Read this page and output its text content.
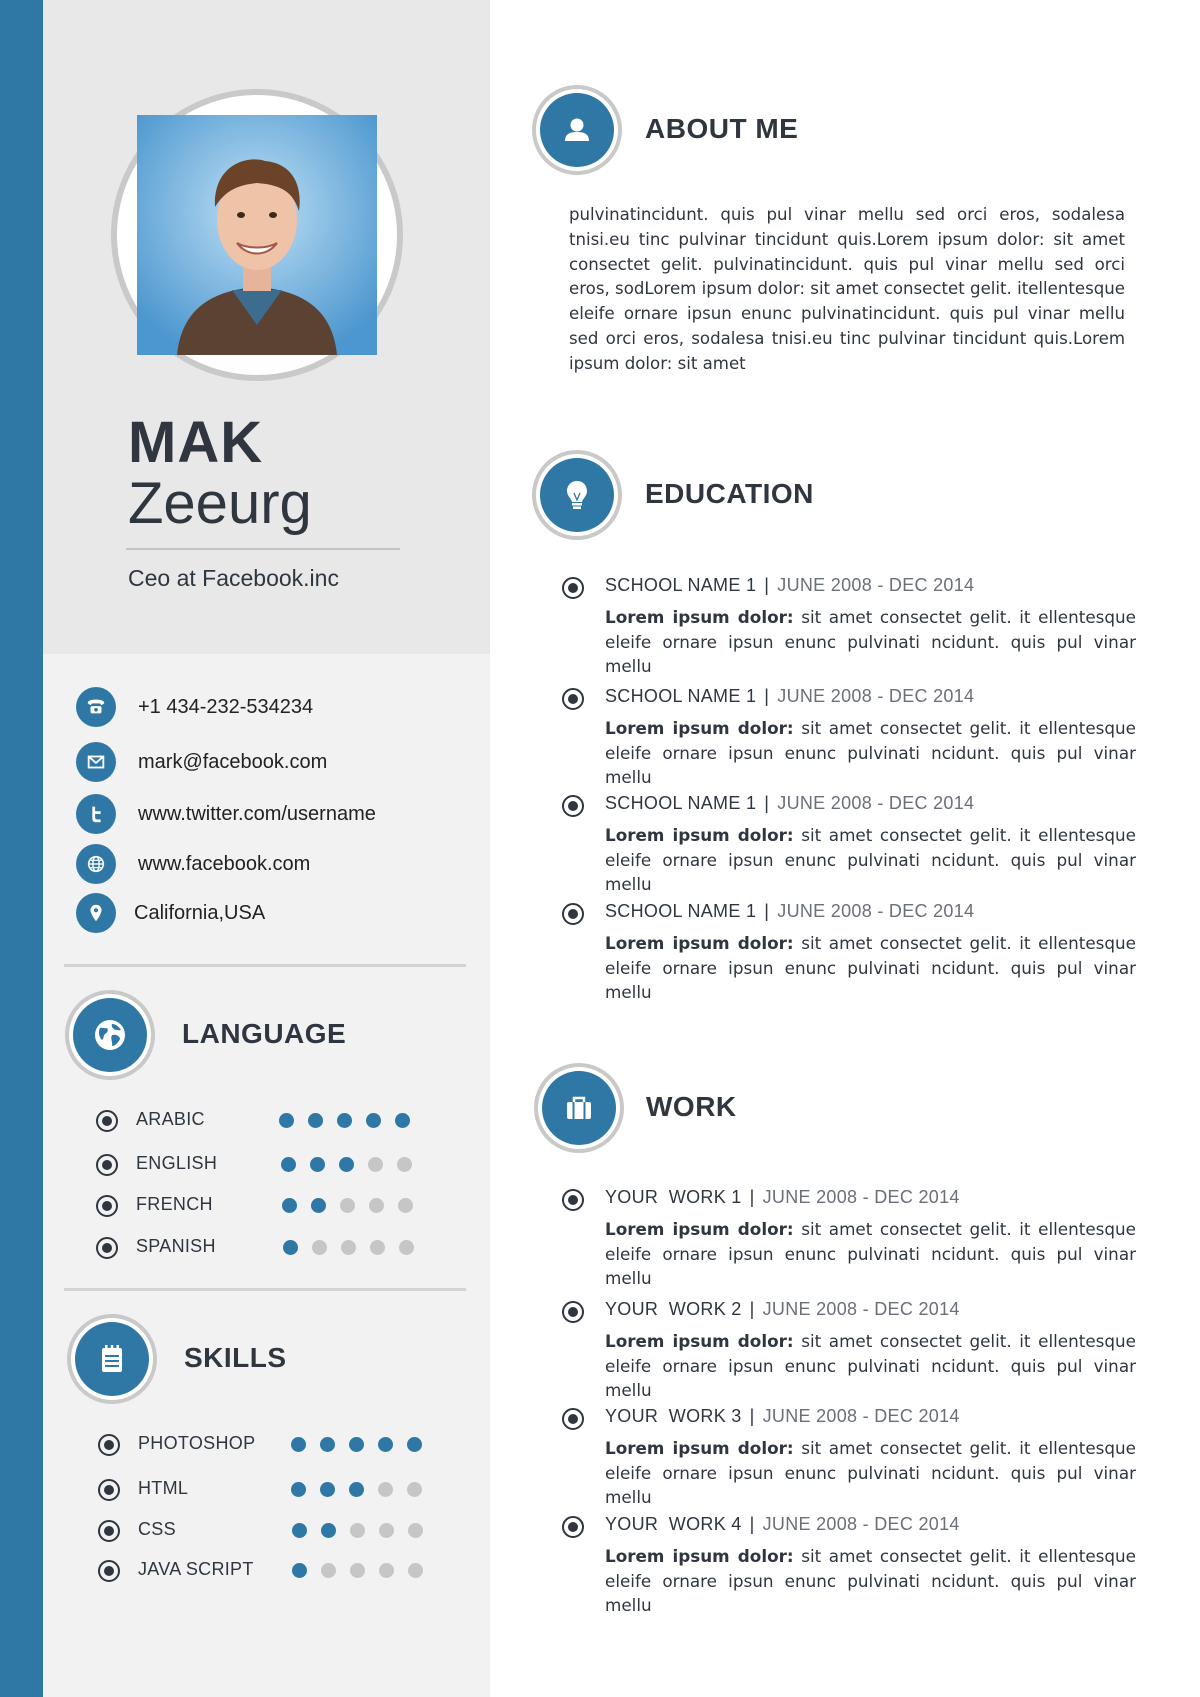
MAK
Zeeurg
Ceo at Facebook.inc
+1 434-232-534234
mark@facebook.com
www.twitter.com/username
www.facebook.com
California,USA
LANGUAGE
ARABIC
ENGLISH
FRENCH
SPANISH
SKILLS
PHOTOSHOP
HTML
CSS
JAVA SCRIPT
ABOUT ME
pulvinatincidunt. quis pul vinar mellu sed orci eros, sodalesa tnisi.eu tinc pulvinar tincidunt quis.Lorem ipsum dolor: sit amet consectet gelit. pulvinatincidunt. quis pul vinar mellu sed orci eros, sodLorem ipsum dolor: sit amet consectet gelit. itellentesque eleife ornare ipsun enunc pulvinatincidunt. quis pul vinar mellu sed orci eros, sodalesa tnisi.eu tinc pulvinar tincidunt quis.Lorem ipsum dolor: sit amet
EDUCATION
SCHOOL NAME 1 | JUNE 2008 - DEC 2014
Lorem ipsum dolor: sit amet consectet gelit. it ellentesque eleife ornare ipsun enunc pulvinati ncidunt. quis pul vinar mellu
SCHOOL NAME 1 | JUNE 2008 - DEC 2014
Lorem ipsum dolor: sit amet consectet gelit. it ellentesque eleife ornare ipsun enunc pulvinati ncidunt. quis pul vinar mellu
SCHOOL NAME 1 | JUNE 2008 - DEC 2014
Lorem ipsum dolor: sit amet consectet gelit. it ellentesque eleife ornare ipsun enunc pulvinati ncidunt. quis pul vinar mellu
SCHOOL NAME 1 | JUNE 2008 - DEC 2014
Lorem ipsum dolor: sit amet consectet gelit. it ellentesque eleife ornare ipsun enunc pulvinati ncidunt. quis pul vinar mellu
WORK
YOUR  WORK 1 | JUNE 2008 - DEC 2014
Lorem ipsum dolor: sit amet consectet gelit. it ellentesque eleife ornare ipsun enunc pulvinati ncidunt. quis pul vinar mellu
YOUR  WORK 2 | JUNE 2008 - DEC 2014
Lorem ipsum dolor: sit amet consectet gelit. it ellentesque eleife ornare ipsun enunc pulvinati ncidunt. quis pul vinar mellu
YOUR  WORK 3 | JUNE 2008 - DEC 2014
Lorem ipsum dolor: sit amet consectet gelit. it ellentesque eleife ornare ipsun enunc pulvinati ncidunt. quis pul vinar mellu
YOUR  WORK 4 | JUNE 2008 - DEC 2014
Lorem ipsum dolor: sit amet consectet gelit. it ellentesque eleife ornare ipsun enunc pulvinati ncidunt. quis pul vinar mellu
